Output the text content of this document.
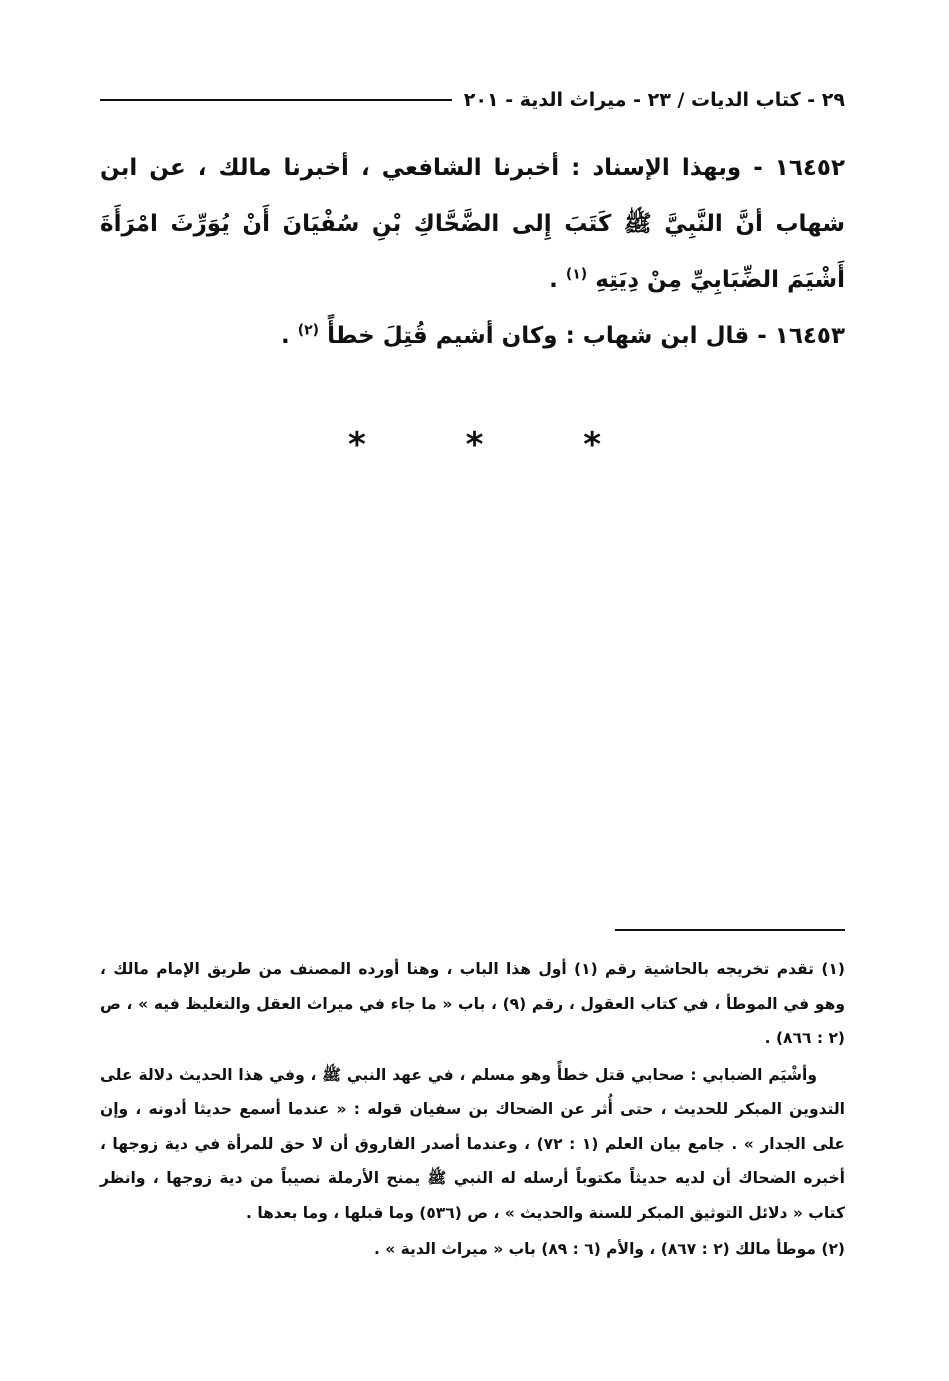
٢٩ - كتاب الديات / ٢٣ - ميراث الدية - ٢٠١

١٦٤٥٢ - وبهذا الإسناد : أخبرنا الشافعي ، أخبرنا مالك ، عن ابن شهاب أنَّ النَّبِيَّ ﷺ كَتَبَ إِلى الضَّحَّاكِ بْنِ سُفْيَانَ أَنْ يُوَرِّثَ امْرَأَةَ أَشْيَمَ الضِّبَابِيِّ مِنْ دِيَتِهِ $^{(١)}$ .

١٦٤٥٣ - قال ابن شهاب : وكان أشيم قُتِلَ خطأً $^{(٢)}$ .

* * *

(١) تقدم تخريجه بالحاشية رقم (١) أول هذا الباب ، وهنا أورده المصنف من طريق الإمام مالك ، وهو في الموطأ ، في كتاب العقول ، رقم (٩) ، باب « ما جاء في ميراث العقل والتغليظ فيه » ، ص (٢ : ٨٦٦) .

وأشْيَم الضبابي : صحابي قتل خطأً وهو مسلم ، في عهد النبي ﷺ ، وفي هذا الحديث دلالة على التدوين المبكر للحديث ، حتى أُثر عن الضحاك بن سفيان قوله : « عندما أسمع حديثا أدونه ، وإن على الجدار » . جامع بيان العلم (١ : ٧٢) ، وعندما أصدر الفاروق أن لا حق للمرأة في دية زوجها ، أخبره الضحاك أن لديه حديثاً مكتوباً أرسله له النبي ﷺ يمنح الأرملة نصيباً من دية زوجها ، وانظر كتاب « دلائل التوثيق المبكر للسنة والحديث » ، ص (٥٣٦) وما قبلها ، وما بعدها .

(٢) موطأ مالك (٢ : ٨٦٧) ، والأم (٦ : ٨٩) باب « ميراث الدية » .
